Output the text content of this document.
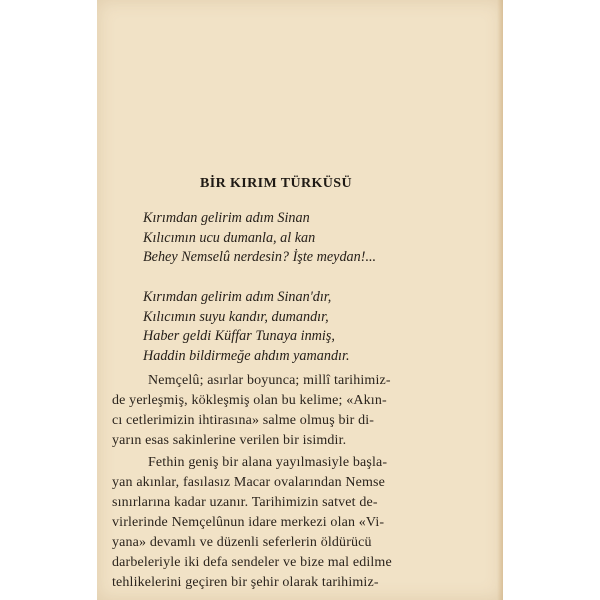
BİR KIRIM TÜRKÜSÜ
Kırımdan gelirim adım Sinan
Kılıcımın ucu dumanla, al kan
Behey Nemselû nerdesin? İşte meydan!...
Kırımdan gelirim adım Sinan'dır,
Kılıcımın suyu kandır, dumandır,
Haber geldi Küffar Tunaya inmiş,
Haddin bildirmeğe ahdım yamandır.
Nemçelû; asırlar boyunca; millî tarihimiz-
de yerleşmiş, kökleşmiş olan bu kelime; «Akın-
cı cetlerimizin ihtirasına» salme olmuş bir di-
yarın esas sakinlerine verilen bir isimdir.
Fethin geniş bir alana yayılmasiyle başla-
yan akınlar, fasılasız Macar ovalarından Nemse
sınırlarına kadar uzanır. Tarihimizin satvet de-
virlerinde Nemçelûnun idare merkezi olan «Vi-
yana» devamlı ve düzenli seferlerin öldürücü
darbeleriyle iki defa sendeler ve bize mal edilme
tehlikelerini geçiren bir şehir olarak tarihimiz-
